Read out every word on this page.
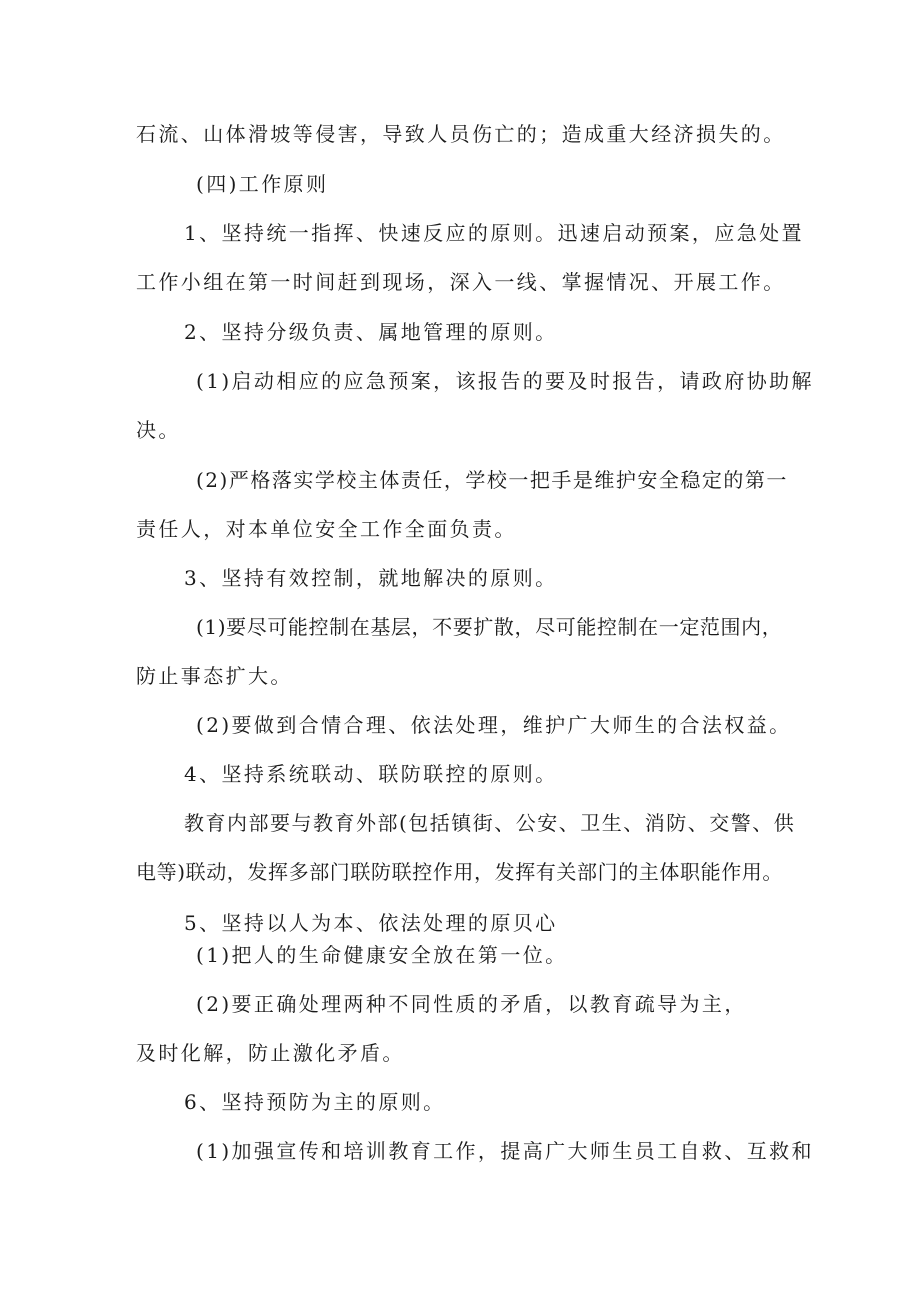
石流、山体滑坡等侵害，导致人员伤亡的；造成重大经济损失的。
(四)工作原则
1、坚持统一指挥、快速反应的原则。迅速启动预案，应急处置
工作小组在第一时间赶到现场，深入一线、掌握情况、开展工作。
2、坚持分级负责、属地管理的原则。
(1)启动相应的应急预案，该报告的要及时报告，请政府协助解
决。
(2)严格落实学校主体责任，学校一把手是维护安全稳定的第一
责任人，对本单位安全工作全面负责。
3、坚持有效控制，就地解决的原则。
(1)要尽可能控制在基层，不要扩散，尽可能控制在一定范围内，
防止事态扩大。
(2)要做到合情合理、依法处理，维护广大师生的合法权益。
4、坚持系统联动、联防联控的原则。
教育内部要与教育外部(包括镇街、公安、卫生、消防、交警、供
电等)联动，发挥多部门联防联控作用，发挥有关部门的主体职能作用。
5、坚持以人为本、依法处理的原贝心
(1)把人的生命健康安全放在第一位。
(2)要正确处理两种不同性质的矛盾，以教育疏导为主，
及时化解，防止激化矛盾。
6、坚持预防为主的原则。
(1)加强宣传和培训教育工作，提高广大师生员工自救、互救和
